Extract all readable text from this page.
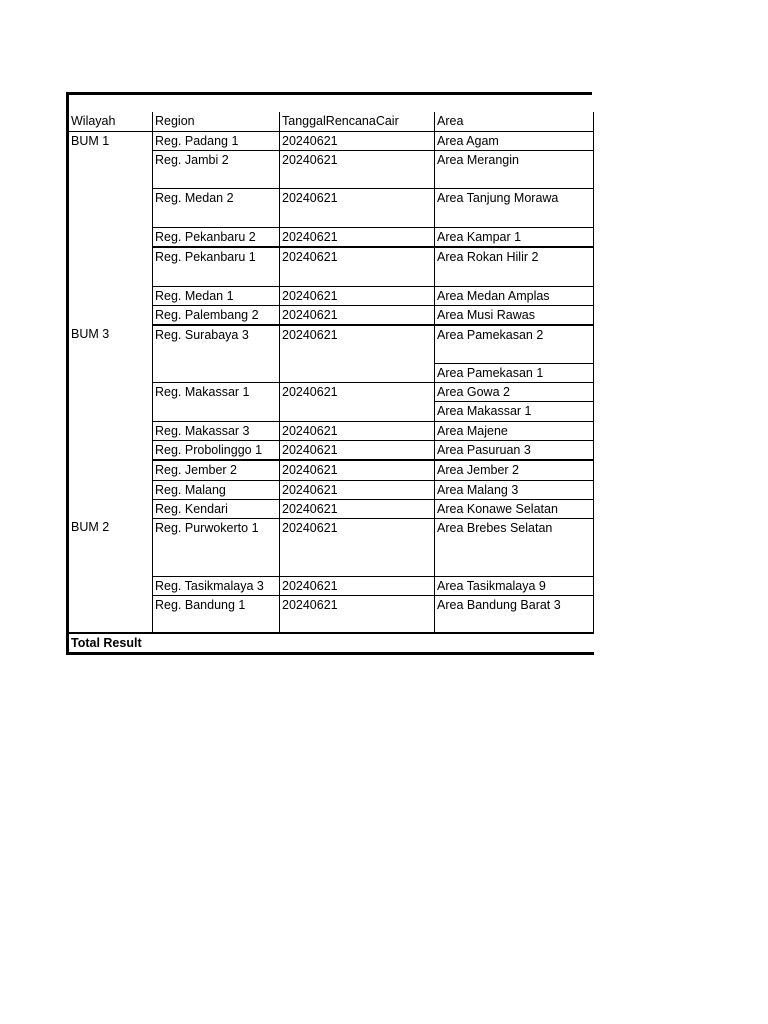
Wilayah	Region	TanggalRencanaCair	Area
BUM 1	Reg. Padang 1	20240621	Area Agam
	Reg. Jambi 2	20240621	Area Merangin
	Reg. Medan 2	20240621	Area Tanjung Morawa
	Reg. Pekanbaru 2	20240621	Area Kampar 1
	Reg. Pekanbaru 1	20240621	Area Rokan Hilir 2
	Reg. Medan 1	20240621	Area Medan Amplas
	Reg. Palembang 2	20240621	Area Musi Rawas
BUM 3	Reg. Surabaya 3	20240621	Area Pamekasan 2
			Area Pamekasan 1
	Reg. Makassar 1	20240621	Area Gowa 2
			Area Makassar 1
	Reg. Makassar 3	20240621	Area Majene
	Reg. Probolinggo 1	20240621	Area Pasuruan 3
	Reg. Jember 2	20240621	Area Jember 2
	Reg. Malang	20240621	Area Malang 3
	Reg. Kendari	20240621	Area Konawe Selatan
BUM 2	Reg. Purwokerto 1	20240621	Area Brebes Selatan
	Reg. Tasikmalaya 3	20240621	Area Tasikmalaya 9
	Reg. Bandung 1	20240621	Area Bandung Barat 3
Total Result			
